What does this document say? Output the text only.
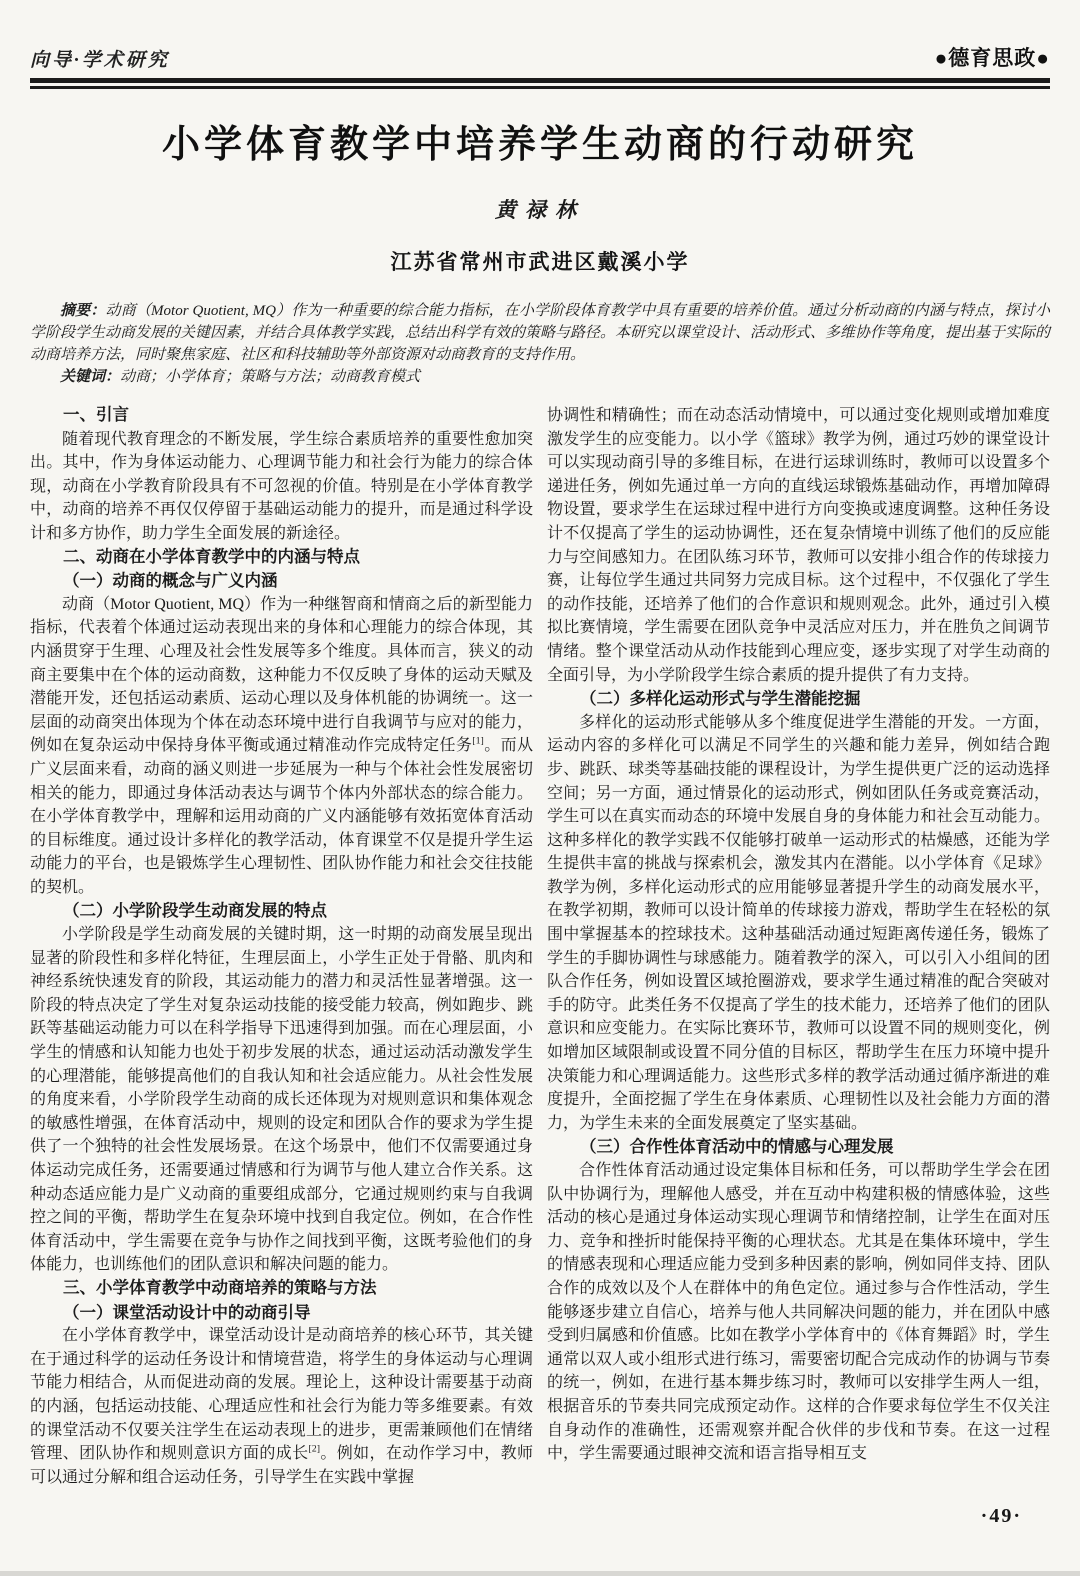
向导·学术研究	●德育思政●
小学体育教学中培养学生动商的行动研究
黄禄林
江苏省常州市武进区戴溪小学

摘要：动商（Motor Quotient, MQ）作为一种重要的综合能力指标，在小学阶段体育教学中具有重要的培养价值。通过分析动商的内涵与特点，探讨小学阶段学生动商发展的关键因素，并结合具体教学实践，总结出科学有效的策略与路径。本研究以课堂设计、活动形式、多维协作等角度，提出基于实际的动商培养方法，同时聚焦家庭、社区和科技辅助等外部资源对动商教育的支持作用。

关键词：动商；小学体育；策略与方法；动商教育模式

一、引言
随着现代教育理念的不断发展，学生综合素质培养的重要性愈加突出。其中，作为身体运动能力、心理调节能力和社会行为能力的综合体现，动商在小学教育阶段具有不可忽视的价值。特别是在小学体育教学中，动商的培养不再仅仅停留于基础运动能力的提升，而是通过科学设计和多方协作，助力学生全面发展的新途径。
二、动商在小学体育教学中的内涵与特点
（一）动商的概念与广义内涵
动商（Motor Quotient, MQ）作为一种继智商和情商之后的新型能力指标，代表着个体通过运动表现出来的身体和心理能力的综合体现，其内涵贯穿于生理、心理及社会性发展等多个维度。具体而言，狭义的动商主要集中在个体的运动商数，这种能力不仅反映了身体的运动天赋及潜能开发，还包括运动素质、运动心理以及身体机能的协调统一。这一层面的动商突出体现为个体在动态环境中进行自我调节与应对的能力，例如在复杂运动中保持身体平衡或通过精准动作完成特定任务[1]。而从广义层面来看，动商的涵义则进一步延展为一种与个体社会性发展密切相关的能力，即通过身体活动表达与调节个体内外部状态的综合能力。在小学体育教学中，理解和运用动商的广义内涵能够有效拓宽体育活动的目标维度。通过设计多样化的教学活动，体育课堂不仅是提升学生运动能力的平台，也是锻炼学生心理韧性、团队协作能力和社会交往技能的契机。
（二）小学阶段学生动商发展的特点
小学阶段是学生动商发展的关键时期，这一时期的动商发展呈现出显著的阶段性和多样化特征，生理层面上，小学生正处于骨骼、肌肉和神经系统快速发育的阶段，其运动能力的潜力和灵活性显著增强。这一阶段的特点决定了学生对复杂运动技能的接受能力较高，例如跑步、跳跃等基础运动能力可以在科学指导下迅速得到加强。而在心理层面，小学生的情感和认知能力也处于初步发展的状态，通过运动活动激发学生的心理潜能，能够提高他们的自我认知和社会适应能力。从社会性发展的角度来看，小学阶段学生动商的成长还体现为对规则意识和集体观念的敏感性增强，在体育活动中，规则的设定和团队合作的要求为学生提供了一个独特的社会性发展场景。在这个场景中，他们不仅需要通过身体运动完成任务，还需要通过情感和行为调节与他人建立合作关系。这种动态适应能力是广义动商的重要组成部分，它通过规则约束与自我调控之间的平衡，帮助学生在复杂环境中找到自我定位。例如，在合作性体育活动中，学生需要在竞争与协作之间找到平衡，这既考验他们的身体能力，也训练他们的团队意识和解决问题的能力。
三、小学体育教学中动商培养的策略与方法
（一）课堂活动设计中的动商引导
在小学体育教学中，课堂活动设计是动商培养的核心环节，其关键在于通过科学的运动任务设计和情境营造，将学生的身体运动与心理调节能力相结合，从而促进动商的发展。理论上，这种设计需要基于动商的内涵，包括运动技能、心理适应性和社会行为能力等多维要素。有效的课堂活动不仅要关注学生在运动表现上的进步，更需兼顾他们在情绪管理、团队协作和规则意识方面的成长[2]。例如，在动作学习中，教师可以通过分解和组合运动任务，引导学生在实践中掌握
协调性和精确性；而在动态活动情境中，可以通过变化规则或增加难度激发学生的应变能力。以小学《篮球》教学为例，通过巧妙的课堂设计可以实现动商引导的多维目标，在进行运球训练时，教师可以设置多个递进任务，例如先通过单一方向的直线运球锻炼基础动作，再增加障碍物设置，要求学生在运球过程中进行方向变换或速度调整。这种任务设计不仅提高了学生的运动协调性，还在复杂情境中训练了他们的反应能力与空间感知力。在团队练习环节，教师可以安排小组合作的传球接力赛，让每位学生通过共同努力完成目标。这个过程中，不仅强化了学生的动作技能，还培养了他们的合作意识和规则观念。此外，通过引入模拟比赛情境，学生需要在团队竞争中灵活应对压力，并在胜负之间调节情绪。整个课堂活动从动作技能到心理应变，逐步实现了对学生动商的全面引导，为小学阶段学生综合素质的提升提供了有力支持。
（二）多样化运动形式与学生潜能挖掘
多样化的运动形式能够从多个维度促进学生潜能的开发。一方面，运动内容的多样化可以满足不同学生的兴趣和能力差异，例如结合跑步、跳跃、球类等基础技能的课程设计，为学生提供更广泛的运动选择空间；另一方面，通过情景化的运动形式，例如团队任务或竞赛活动，学生可以在真实而动态的环境中发展自身的身体能力和社会互动能力。这种多样化的教学实践不仅能够打破单一运动形式的枯燥感，还能为学生提供丰富的挑战与探索机会，激发其内在潜能。以小学体育《足球》教学为例，多样化运动形式的应用能够显著提升学生的动商发展水平，在教学初期，教师可以设计简单的传球接力游戏，帮助学生在轻松的氛围中掌握基本的控球技术。这种基础活动通过短距离传递任务，锻炼了学生的手脚协调性与球感能力。随着教学的深入，可以引入小组间的团队合作任务，例如设置区域抢圈游戏，要求学生通过精准的配合突破对手的防守。此类任务不仅提高了学生的技术能力，还培养了他们的团队意识和应变能力。在实际比赛环节，教师可以设置不同的规则变化，例如增加区域限制或设置不同分值的目标区，帮助学生在压力环境中提升决策能力和心理调适能力。这些形式多样的教学活动通过循序渐进的难度提升，全面挖掘了学生在身体素质、心理韧性以及社会能力方面的潜力，为学生未来的全面发展奠定了坚实基础。
（三）合作性体育活动中的情感与心理发展
合作性体育活动通过设定集体目标和任务，可以帮助学生学会在团队中协调行为，理解他人感受，并在互动中构建积极的情感体验，这些活动的核心是通过身体运动实现心理调节和情绪控制，让学生在面对压力、竞争和挫折时能保持平衡的心理状态。尤其是在集体环境中，学生的情感表现和心理适应能力受到多种因素的影响，例如同伴支持、团队合作的成效以及个人在群体中的角色定位。通过参与合作性活动，学生能够逐步建立自信心，培养与他人共同解决问题的能力，并在团队中感受到归属感和价值感。比如在教学小学体育中的《体育舞蹈》时，学生通常以双人或小组形式进行练习，需要密切配合完成动作的协调与节奏的统一，例如，在进行基本舞步练习时，教师可以安排学生两人一组，根据音乐的节奏共同完成预定动作。这样的合作要求每位学生不仅关注自身动作的准确性，还需观察并配合伙伴的步伐和节奏。在这一过程中，学生需要通过眼神交流和语言指导相互支
·49·
